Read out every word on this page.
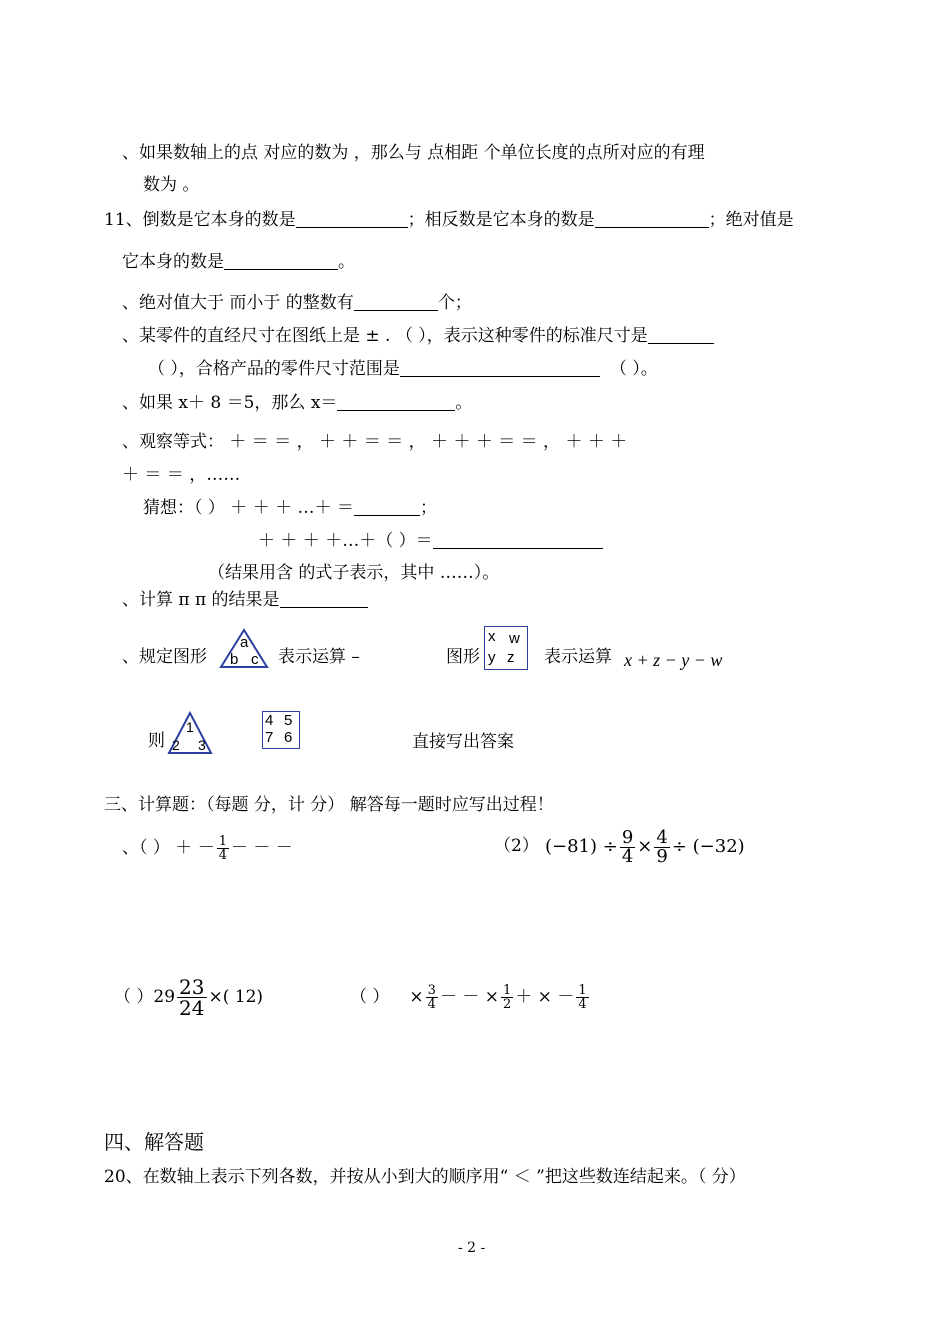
、如果数轴上的点 对应的数为 ，那么与 点相距 个单位长度的点所对应的有理
数为 。
11、倒数是它本身的数是	；相反数是它本身的数是	；绝对值是
它本身的数是	。
、绝对值大于 而小于 的整数有	个；
、某零件的直经尺寸在图纸上是 ± . （ ），表示这种零件的标准尺寸是
（ ），合格产品的零件尺寸范围是	（ ）。
、如果 x＋ 8 ＝5，那么 x＝	。
、观察等式： ＋ ＝ ＝ ， ＋ ＋ ＝ ＝ ， ＋ ＋ ＋ ＝ ＝ ， ＋ ＋ ＋
＋ ＝ ＝ ，……
猜想：（ ） ＋ ＋ ＋ …＋ ＝	；
＋ ＋ ＋ ＋…＋（ ）＝
（结果用含 的式子表示，其中 ……）。
、计算 π π 的结果是
、规定图形
a
b c 表示运算 –	图形
x w
y z 表示运算 x + z − y − w
则
1
2 3
4 5
7 6	直接写出答案
三、计算题：（每题 分，计 分） 解答每一题时应写出过程！
、（ ） ＋ － $\frac{1}{4}$ － － －	（2） $(-81) \div \frac{9}{4} \times \frac{4}{9} \div (-32)$
（ ）$29 \frac{23}{24}$ ×( 12)	（ ） × $\frac{3}{4}$ － － × $\frac{1}{2}$ ＋ × － $\frac{1}{4}$
四、解答题
20、在数轴上表示下列各数，并按从小到大的顺序用“ ＜ ”把这些数连结起来。（ 分）
- 2 -
